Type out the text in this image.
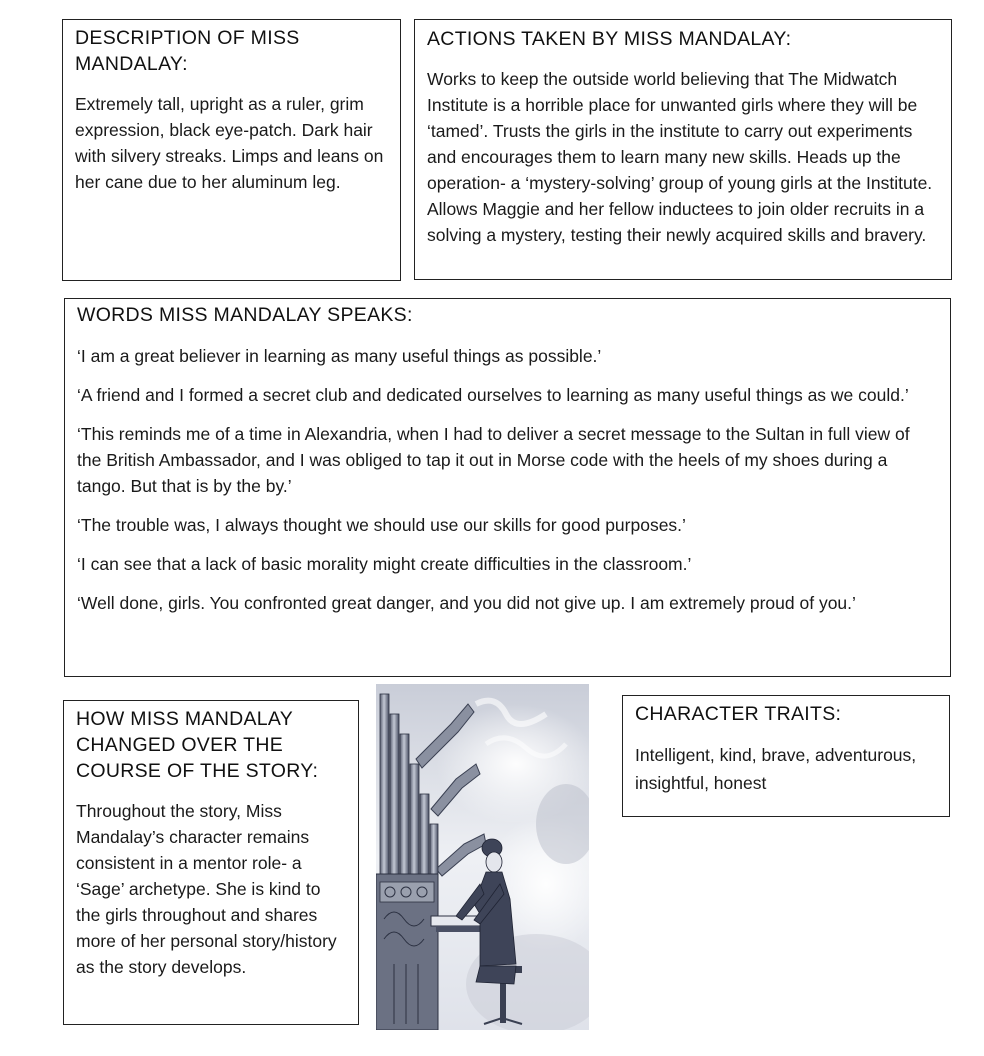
DESCRIPTION OF MISS MANDALAY:

Extremely tall, upright as a ruler, grim expression, black eye-patch. Dark hair with silvery streaks. Limps and leans on her cane due to her aluminum leg.

ACTIONS TAKEN BY MISS MANDALAY:

Works to keep the outside world believing that The Midwatch Institute is a horrible place for unwanted girls where they will be ‘tamed’. Trusts the girls in the institute to carry out experiments and encourages them to learn many new skills. Heads up the operation- a ‘mystery-solving’ group of young girls at the Institute. Allows Maggie and her fellow inductees to join older recruits in a solving a mystery, testing their newly acquired skills and bravery.

WORDS MISS MANDALAY SPEAKS:

‘I am a great believer in learning as many useful things as possible.’

‘A friend and I formed a secret club and dedicated ourselves to learning as many useful things as we could.’

‘This reminds me of a time in Alexandria, when I had to deliver a secret message to the Sultan in full view of the British Ambassador, and I was obliged to tap it out in Morse code with the heels of my shoes during a tango. But that is by the by.’

‘The trouble was, I always thought we should use our skills for good purposes.’

‘I can see that a lack of basic morality might create difficulties in the classroom.’

‘Well done, girls. You confronted great danger, and you did not give up. I am extremely proud of you.’

HOW MISS MANDALAY CHANGED OVER THE COURSE OF THE STORY:

Throughout the story, Miss Mandalay’s character remains consistent in a mentor role- a ‘Sage’ archetype. She is kind to the girls throughout and shares more of her personal story/history as the story develops.

CHARACTER TRAITS:

Intelligent, kind, brave, adventurous, insightful, honest
